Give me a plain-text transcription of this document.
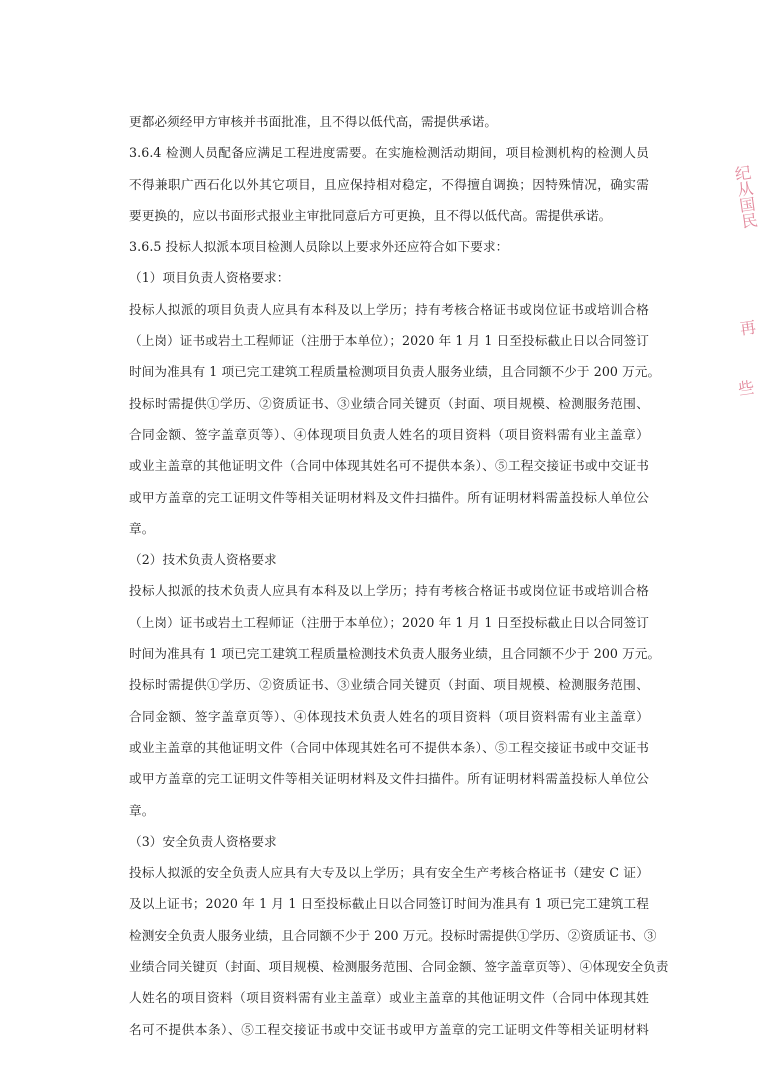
更都必须经甲方审核并书面批准，且不得以低代高，需提供承诺。
3.6.4 检测人员配备应满足工程进度需要。在实施检测活动期间，项目检测机构的检测人员
不得兼职广西石化以外其它项目，且应保持相对稳定，不得擅自调换；因特殊情况，确实需
要更换的，应以书面形式报业主审批同意后方可更换，且不得以低代高。需提供承诺。
3.6.5 投标人拟派本项目检测人员除以上要求外还应符合如下要求：
（1）项目负责人资格要求：
投标人拟派的项目负责人应具有本科及以上学历；持有考核合格证书或岗位证书或培训合格
（上岗）证书或岩土工程师证（注册于本单位）；2020 年 1 月 1 日至投标截止日以合同签订
时间为准具有 1 项已完工建筑工程质量检测项目负责人服务业绩，且合同额不少于 200 万元。
投标时需提供①学历、②资质证书、③业绩合同关键页（封面、项目规模、检测服务范围、
合同金额、签字盖章页等）、④体现项目负责人姓名的项目资料（项目资料需有业主盖章）
或业主盖章的其他证明文件（合同中体现其姓名可不提供本条）、⑤工程交接证书或中交证书
或甲方盖章的完工证明文件等相关证明材料及文件扫描件。所有证明材料需盖投标人单位公
章。
（2）技术负责人资格要求
投标人拟派的技术负责人应具有本科及以上学历；持有考核合格证书或岗位证书或培训合格
（上岗）证书或岩土工程师证（注册于本单位）；2020 年 1 月 1 日至投标截止日以合同签订
时间为准具有 1 项已完工建筑工程质量检测技术负责人服务业绩，且合同额不少于 200 万元。
投标时需提供①学历、②资质证书、③业绩合同关键页（封面、项目规模、检测服务范围、
合同金额、签字盖章页等）、④体现技术负责人姓名的项目资料（项目资料需有业主盖章）
或业主盖章的其他证明文件（合同中体现其姓名可不提供本条）、⑤工程交接证书或中交证书
或甲方盖章的完工证明文件等相关证明材料及文件扫描件。所有证明材料需盖投标人单位公
章。
（3）安全负责人资格要求
投标人拟派的安全负责人应具有大专及以上学历；具有安全生产考核合格证书（建安 C 证）
及以上证书；2020 年 1 月 1 日至投标截止日以合同签订时间为准具有 1 项已完工建筑工程
检测安全负责人服务业绩，且合同额不少于 200 万元。投标时需提供①学历、②资质证书、③
业绩合同关键页（封面、项目规模、检测服务范围、合同金额、签字盖章页等）、④体现安全负责
人姓名的项目资料（项目资料需有业主盖章）或业主盖章的其他证明文件（合同中体现其姓
名可不提供本条）、⑤工程交接证书或中交证书或甲方盖章的完工证明文件等相关证明材料
纪从国民
再
些
